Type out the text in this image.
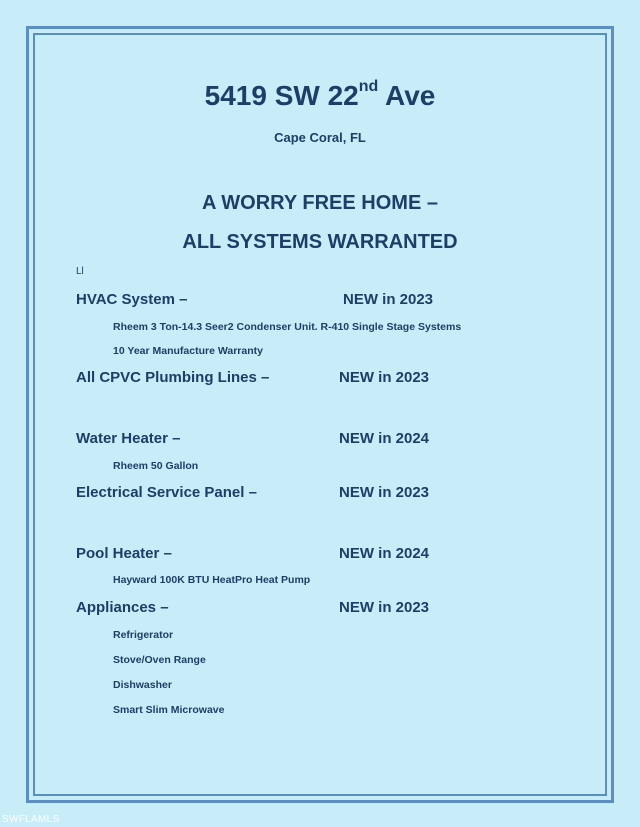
5419 SW 22nd Ave
Cape Coral, FL
A WORRY FREE HOME –
ALL SYSTEMS WARRANTED
Ll
HVAC System –	NEW in 2023
Rheem 3 Ton-14.3 Seer2 Condenser Unit. R-410 Single Stage Systems
10 Year Manufacture Warranty
All CPVC Plumbing Lines –	NEW in 2023
Water Heater –	NEW in 2024
Rheem 50 Gallon
Electrical Service Panel –	NEW in 2023
Pool Heater –	NEW in 2024
Hayward 100K BTU HeatPro Heat Pump
Appliances –	NEW in 2023
Refrigerator
Stove/Oven Range
Dishwasher
Smart Slim Microwave
SWFLAMLS
